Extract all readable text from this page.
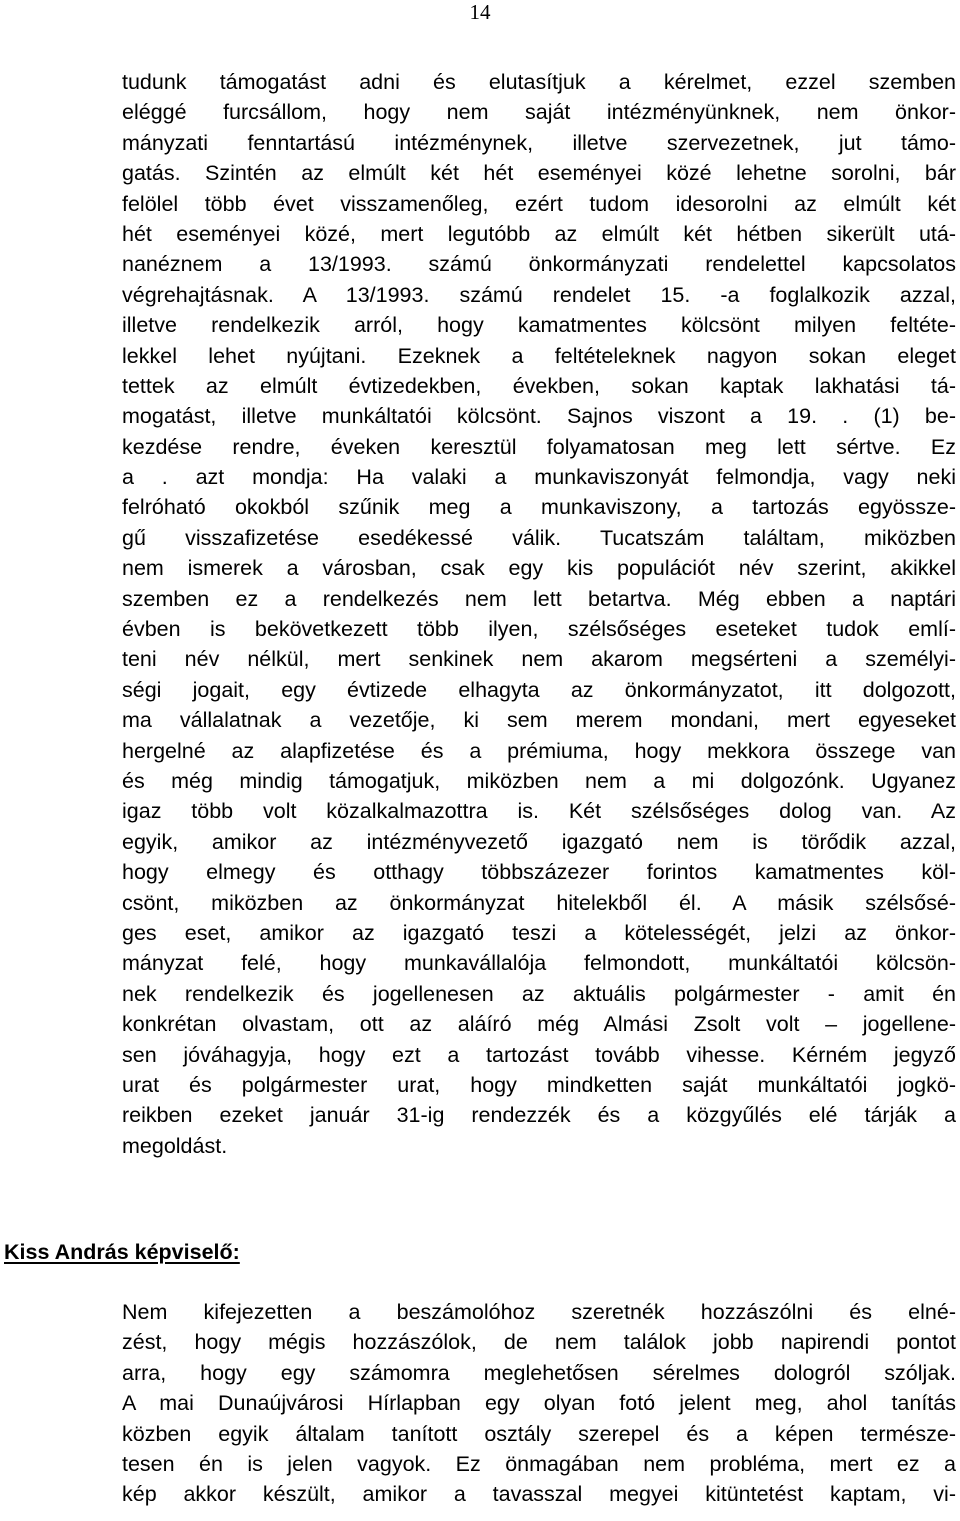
14
tudunk támogatást adni és elutasítjuk a kérelmet, ezzel szemben
eléggé furcsállom, hogy nem saját intézményünknek, nem önkor-
mányzati fenntartású intézménynek, illetve szervezetnek, jut támo-
gatás. Szintén az elmúlt két hét eseményei közé lehetne sorolni, bár
felölel több évet visszamenőleg, ezért tudom idesorolni az elmúlt két
hét eseményei közé, mert legutóbb az elmúlt két hétben sikerült utá-
nanéznem a 13/1993. számú önkormányzati rendelettel kapcsolatos
végrehajtásnak. A 13/1993. számú rendelet 15. -a foglalkozik azzal,
illetve rendelkezik arról, hogy kamatmentes kölcsönt milyen feltéte-
lekkel lehet nyújtani. Ezeknek a feltételeknek nagyon sokan eleget
tettek az elmúlt évtizedekben, években, sokan kaptak lakhatási tá-
mogatást, illetve munkáltatói kölcsönt. Sajnos viszont a 19. . (1) be-
kezdése rendre, éveken keresztül folyamatosan meg lett sértve. Ez
a . azt mondja: Ha valaki a munkaviszonyát felmondja, vagy neki
felróható okokból szűnik meg a munkaviszony, a tartozás egyössze-
gű visszafizetése esedékessé válik. Tucatszám találtam, miközben
nem ismerek a városban, csak egy kis populációt név szerint, akikkel
szemben ez a rendelkezés nem lett betartva. Még ebben a naptári
évben is bekövetkezett több ilyen, szélsőséges eseteket tudok emlí-
teni név nélkül, mert senkinek nem akarom megsérteni a személyi-
ségi jogait, egy évtizede elhagyta az önkormányzatot, itt dolgozott,
ma vállalatnak a vezetője, ki sem merem mondani, mert egyeseket
hergelné az alapfizetése és a prémiuma, hogy mekkora összege van
és még mindig támogatjuk, miközben nem a mi dolgozónk. Ugyanez
igaz több volt közalkalmazottra is. Két szélsőséges dolog van. Az
egyik, amikor az intézményvezető igazgató nem is törődik azzal,
hogy elmegy és otthagy többszázezer forintos kamatmentes köl-
csönt, miközben az önkormányzat hitelekből él. A másik szélsősé-
ges eset, amikor az igazgató teszi a kötelességét, jelzi az önkor-
mányzat felé, hogy munkavállalója felmondott, munkáltatói kölcsön-
nek rendelkezik és jogellenesen az aktuális polgármester - amit én
konkrétan olvastam, ott az aláíró még Almási Zsolt volt – jogellene-
sen jóváhagyja, hogy ezt a tartozást tovább vihesse. Kérném jegyző
urat és polgármester urat, hogy mindketten saját munkáltatói jogkö-
reikben ezeket január 31-ig rendezzék és a közgyűlés elé tárják a
megoldást.
Kiss András képviselő:
Nem kifejezetten a beszámolóhoz szeretnék hozzászólni és elné-
zést, hogy mégis hozzászólok, de nem találok jobb napirendi pontot
arra, hogy egy számomra meglehetősen sérelmes dologról szóljak.
A mai Dunaújvárosi Hírlapban egy olyan fotó jelent meg, ahol tanítás
közben egyik általam tanított osztály szerepel és a képen természe-
tesen én is jelen vagyok. Ez önmagában nem probléma, mert ez a
kép akkor készült, amikor a tavasszal megyei kitüntetést kaptam, vi-
